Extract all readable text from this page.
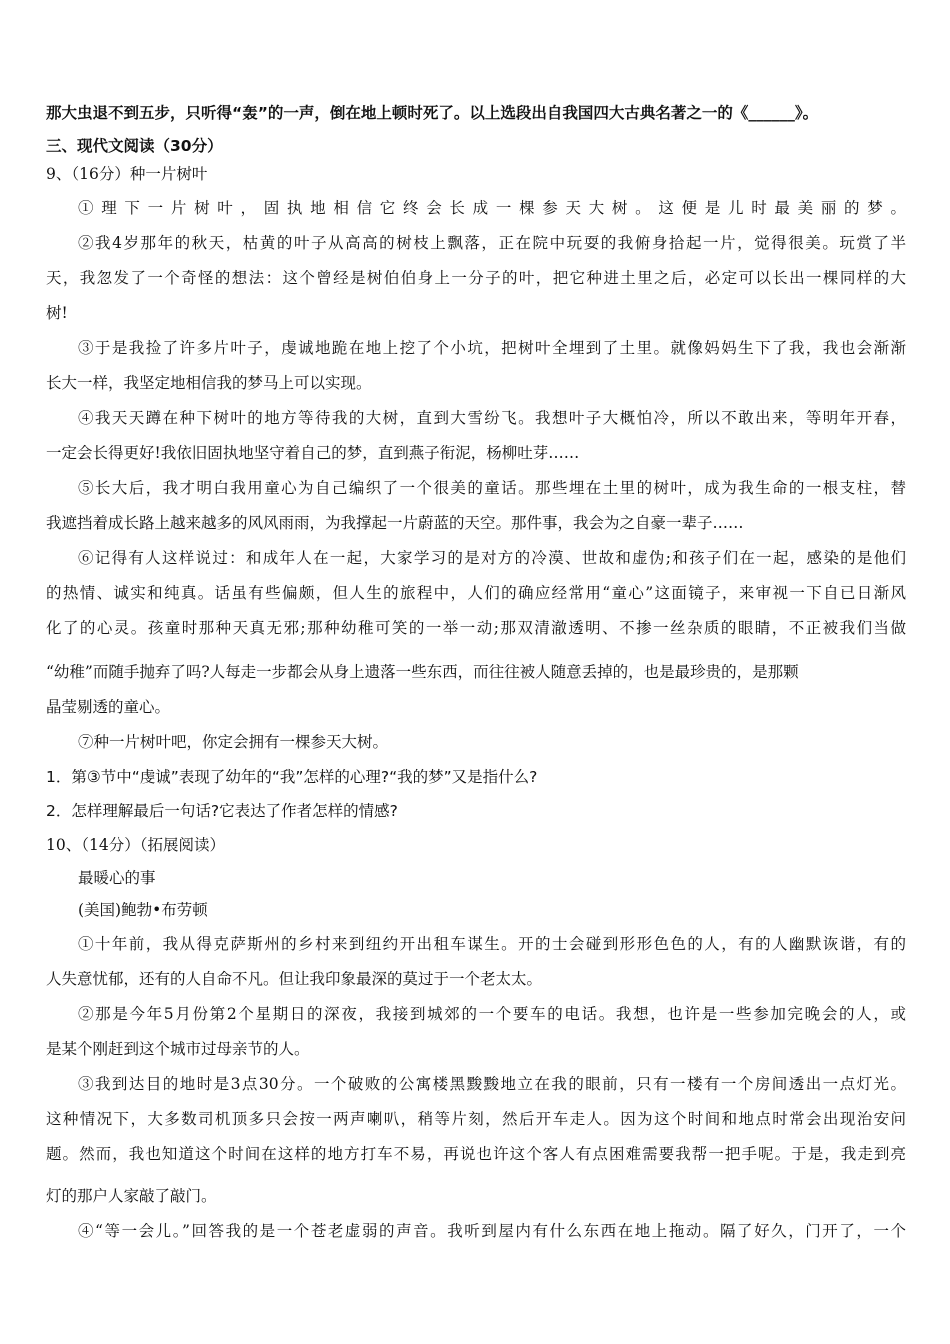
那大虫退不到五步，只听得“轰”的一声，倒在地上顿时死了。以上选段出自我国四大古典名著之一的《______》。
三、现代文阅读（30分）
9、（16分）种一片树叶
①理下一片树叶，固执地相信它终会长成一棵参天大树。这便是儿时最美丽的梦。
②我4岁那年的秋天，枯黄的叶子从高高的树枝上飘落，正在院中玩耍的我俯身拾起一片，觉得很美。玩赏了半
天，我忽发了一个奇怪的想法：这个曾经是树伯伯身上一分子的叶，把它种进土里之后，必定可以长出一棵同样的大
树!
③于是我捡了许多片叶子，虔诚地跪在地上挖了个小坑，把树叶全埋到了土里。就像妈妈生下了我，我也会渐渐
长大一样，我坚定地相信我的梦马上可以实现。
④我天天蹲在种下树叶的地方等待我的大树，直到大雪纷飞。我想叶子大概怕冷，所以不敢出来，等明年开春，
一定会长得更好!我依旧固执地坚守着自己的梦，直到燕子衔泥，杨柳吐芽……
⑤长大后，我才明白我用童心为自己编织了一个很美的童话。那些埋在土里的树叶，成为我生命的一根支柱，替
我遮挡着成长路上越来越多的风风雨雨，为我撑起一片蔚蓝的天空。那件事，我会为之自豪一辈子……
⑥记得有人这样说过：和成年人在一起，大家学习的是对方的冷漠、世故和虚伪;和孩子们在一起，感染的是他们
的热情、诚实和纯真。话虽有些偏颇，但人生的旅程中，人们的确应经常用“童心”这面镜子，来审视一下自已日渐风
化了的心灵。孩童时那种天真无邪;那种幼稚可笑的一举一动;那双清澈透明、不掺一丝杂质的眼睛，不正被我们当做
“幼稚”而随手抛弃了吗?人每走一步都会从身上遗落一些东西，而往往被人随意丢掉的，也是最珍贵的，是那颗
晶莹剔透的童心。
⑦种一片树叶吧，你定会拥有一棵参天大树。
1．第③节中“虔诚”表现了幼年的“我”怎样的心理?“我的梦”又是指什么?
2．怎样理解最后一句话?它表达了作者怎样的情感?
10、（14分）（拓展阅读）
最暖心的事
(美国)鲍勃•布劳顿
①十年前，我从得克萨斯州的乡村来到纽约开出租车谋生。开的士会碰到形形色色的人，有的人幽默诙谐，有的
人失意忧郁，还有的人自命不凡。但让我印象最深的莫过于一个老太太。
②那是今年5月份第2个星期日的深夜，我接到城郊的一个要车的电话。我想，也许是一些参加完晚会的人，或
是某个刚赶到这个城市过母亲节的人。
③我到达目的地时是3点30分。一个破败的公寓楼黑黢黢地立在我的眼前，只有一楼有一个房间透出一点灯光。
这种情况下，大多数司机顶多只会按一两声喇叭，稍等片刻，然后开车走人。因为这个时间和地点时常会出现治安问
题。然而，我也知道这个时间在这样的地方打车不易，再说也许这个客人有点困难需要我帮一把手呢。于是，我走到亮
灯的那户人家敲了敲门。
④“等一会儿。”回答我的是一个苍老虚弱的声音。我听到屋内有什么东西在地上拖动。隔了好久，门开了，一个
